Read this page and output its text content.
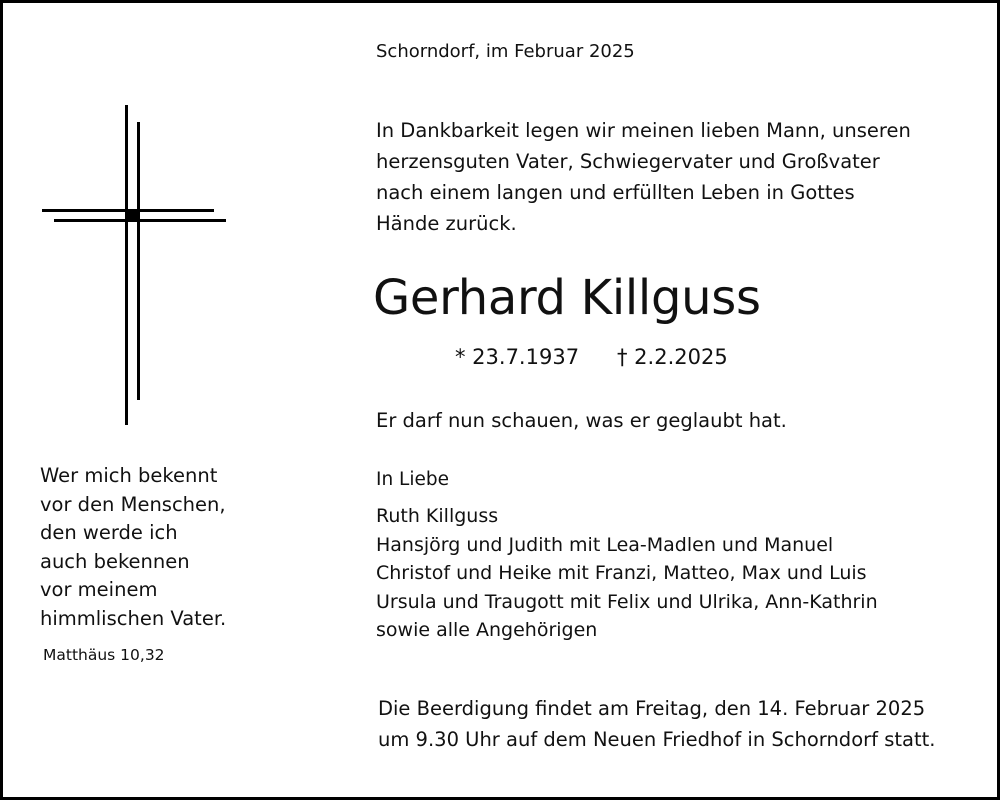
Schorndorf, im Februar 2025
In Dankbarkeit legen wir meinen lieben Mann, unseren
herzensguten Vater, Schwiegervater und Großvater
nach einem langen und erfüllten Leben in Gottes
Hände zurück.
Gerhard Killguss
* 23.7.1937 † 2.2.2025
Er darf nun schauen, was er geglaubt hat.
In Liebe
Ruth Killguss
Hansjörg und Judith mit Lea-Madlen und Manuel
Christof und Heike mit Franzi, Matteo, Max und Luis
Ursula und Traugott mit Felix und Ulrika, Ann-Kathrin
sowie alle Angehörigen
Die Beerdigung findet am Freitag, den 14. Februar 2025
um 9.30 Uhr auf dem Neuen Friedhof in Schorndorf statt.
Wer mich bekennt
vor den Menschen,
den werde ich
auch bekennen
vor meinem
himmlischen Vater.
Matthäus 10,32
